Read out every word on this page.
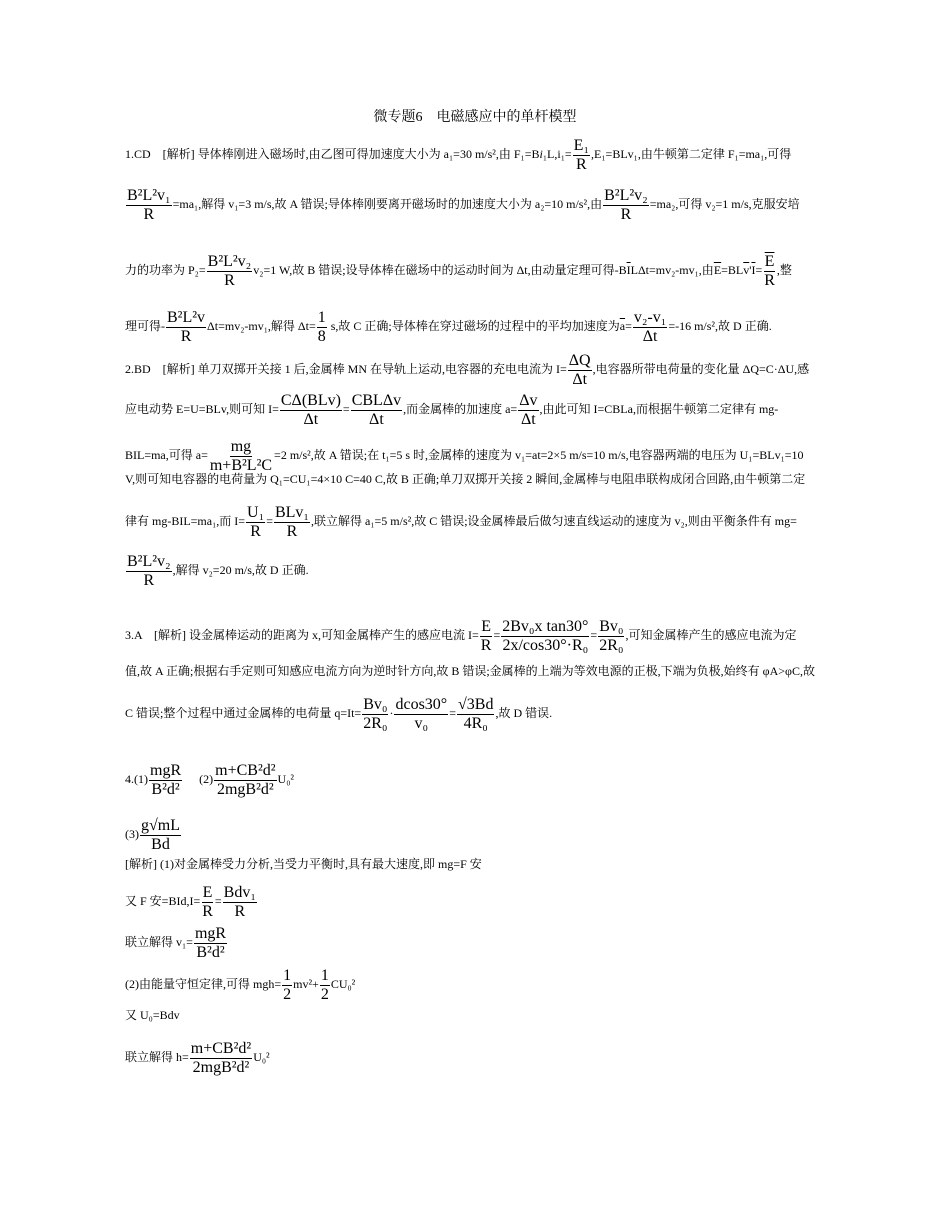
微专题6　电磁感应中的单杆模型
1.CD　[解析] 导体棒刚进入磁场时,由乙图可得加速度大小为 a₁=30 m/s²,由 $F_1=Bi_1L,i_1= \frac{\text{E₁}}{R} ,E_1=BLv_1$,由牛顿第二定律 F₁=ma₁,可得
$\frac{\text{B²L²v₁}}{R} =ma_1$,解得 v₁=3 m/s,故 A 错误;导体棒刚要离开磁场时的加速度大小为 a₂=10 m/s²,由 $\frac{\text{B²L²v₂}}{R} =ma_2$,可得 v₂=1 m/s,克服安培
力的功率为 $P_2= \frac{\text{B²L²v₂}}{R} v_2=1$ W,故 B 错误;设导体棒在磁场中的运动时间为 Δt,由动量定理可得$-B\overline{I}L\Delta t=mv_2$-mv₁,由$\overline{E}=BL\overline{v}'\overline{I}= \frac{\overline{E}}{R}$ ,整
理可得- $\frac{\text{B²L²v}}{R} \Delta t=mv_2-mv_1$,解得 $\Delta t= \frac{1}{8} s$,故 C 正确;导体棒在穿过磁场的过程中的平均加速度为$\overline{a}= \frac{\text{v₂-v₁}}{\Delta t} =-16$ m/s²,故 D 正确.
2.BD　[解析] 单刀双掷开关接 1 后,金属棒 MN 在导轨上运动,电容器的充电电流为 $I= \frac{\Delta Q}{\Delta t}$ ,电容器所带电荷量的变化量 ΔQ=C·ΔU,感
应电动势 E=U=BLv,则可知 I= CΔ(BLv)
Δt
= CBLΔv
Δt
,而金属棒的加速度 $a= \frac{\Delta v}{\Delta t}$ ,由此可知 I=CBLa,而根据牛顿第二定律有 mg-
BIL=ma,可得 $a= \frac{mg}{\text{m+B²L²C}} =2$ m/s²,故 A 错误;在 t₁=5 s 时,金属棒的速度为 v₁=at=2×5 m/s=10 m/s,电容器两端的电压为 U₁=BLv₁=10
V,则可知电容器的电荷量为 Q₁=CU₁=4×10 C=40 C,故 B 正确;单刀双掷开关接 2 瞬间,金属棒与电阻串联构成闭合回路,由牛顿第二定
律有 mg-BIL=ma₁,而 $I= \frac{\text{U₁}}{R} = BLv_1$
R
,联立解得 a₁=5 m/s²,故 C 错误;设金属棒最后做匀速直线运动的速度为 v₂,则由平衡条件有 mg=
$\frac{\text{B²L²v₂}}{R}$ ,解得 v₂=20 m/s,故 D 正确.
3.A　[解析] 设金属棒运动的距离为 x,可知金属棒产生的感应电流 $I= \frac{E}{R} = \frac{\text{2Bv₀x tan30°}}{\text{2x/cos30°·R₀}} = \frac{\text{Bv₀}}{\text{2R₀}}$ ,可知金属棒产生的感应电流为定
值,故 A 正确;根据右手定则可知感应电流方向为逆时针方向,故 B 错误;金属棒的上端为等效电源的正极,下端为负极,始终有 φA>φC,故
C 错误;整个过程中通过金属棒的电荷量 $q=It= \frac{\text{Bv₀}}{\text{2R₀}} \cdot \frac{dcos30^\circ}{\text{v₀}} = \frac{√3Bd}{\text{4R₀}}$ ,故 D 错误.
4.(1) mgR
B²d²
(2) m+CB²d²
2mgB²d²
U₀²
$(3) \frac{g√mL}{Bd}$
[解析] (1)对金属棒受力分析,当受力平衡时,具有最大速度,即 mg=F 安
又 F 安$=BId,I= \frac{E}{R} = Bdv_1$
R
联立解得 v₁= mgR
B²d²
(2)由能量守恒定律,可得 $mgh= \frac{1}{2} mv^2+ \frac{1}{2} CU_0^2$
又 U₀=Bdv
联立解得 h= m+CB²d²
2mgB²d²
U₀²
